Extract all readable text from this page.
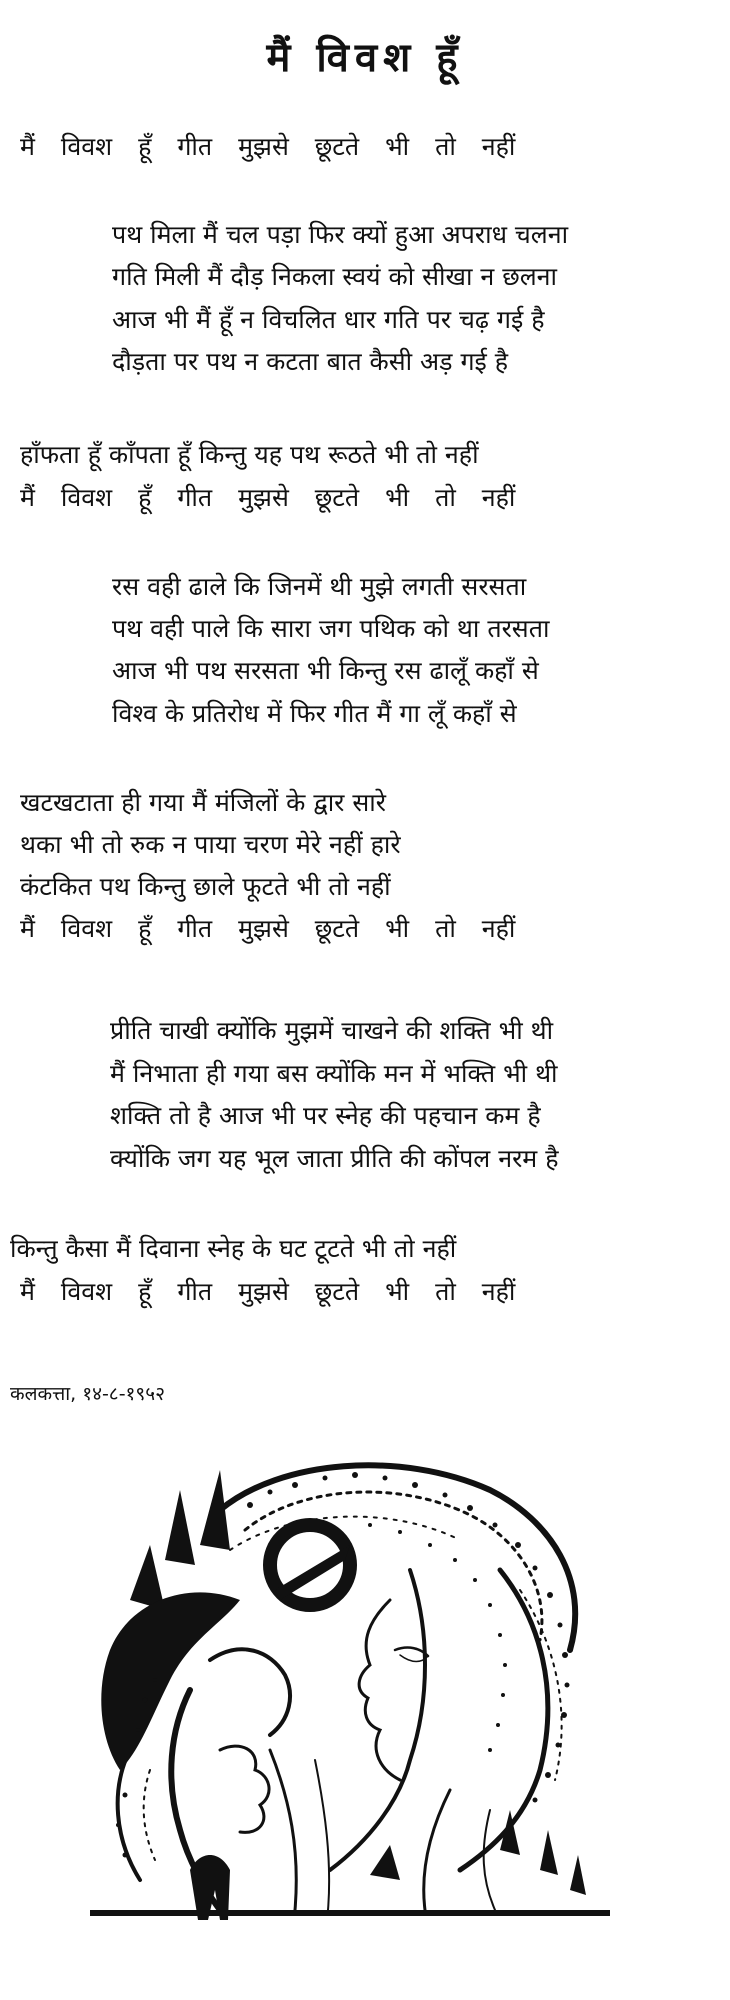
मैं विवश हूँ
मैं विवश हूँ गीत मुझसे छूटते भी तो नहीं
पथ मिला मैं चल पड़ा फिर क्यों हुआ अपराध चलना
गति मिली मैं दौड़ निकला स्वयं को सीखा न छलना
आज भी मैं हूँ न विचलित धार गति पर चढ़ गई है
दौड़ता पर पथ न कटता बात कैसी अड़ गई है
हाँफता हूँ काँपता हूँ किन्तु यह पथ रूठते भी तो नहीं
मैं विवश हूँ गीत मुझसे छूटते भी तो नहीं
रस वही ढाले कि जिनमें थी मुझे लगती सरसता
पथ वही पाले कि सारा जग पथिक को था तरसता
आज भी पथ सरसता भी किन्तु रस ढालूँ कहाँ से
विश्व के प्रतिरोध में फिर गीत मैं गा लूँ कहाँ से
खटखटाता ही गया मैं मंजिलों के द्वार सारे
थका भी तो रुक न पाया चरण मेरे नहीं हारे
कंटकित पथ किन्तु छाले फूटते भी तो नहीं
मैं विवश हूँ गीत मुझसे छूटते भी तो नहीं
प्रीति चाखी क्योंकि मुझमें चाखने की शक्ति भी थी
मैं निभाता ही गया बस क्योंकि मन में भक्ति भी थी
शक्ति तो है आज भी पर स्नेह की पहचान कम है
क्योंकि जग यह भूल जाता प्रीति की कोंपल नरम है
किन्तु कैसा मैं दिवाना स्नेह के घट टूटते भी तो नहीं
मैं विवश हूँ गीत मुझसे छूटते भी तो नहीं
कलकत्ता, १४-८-१९५२
